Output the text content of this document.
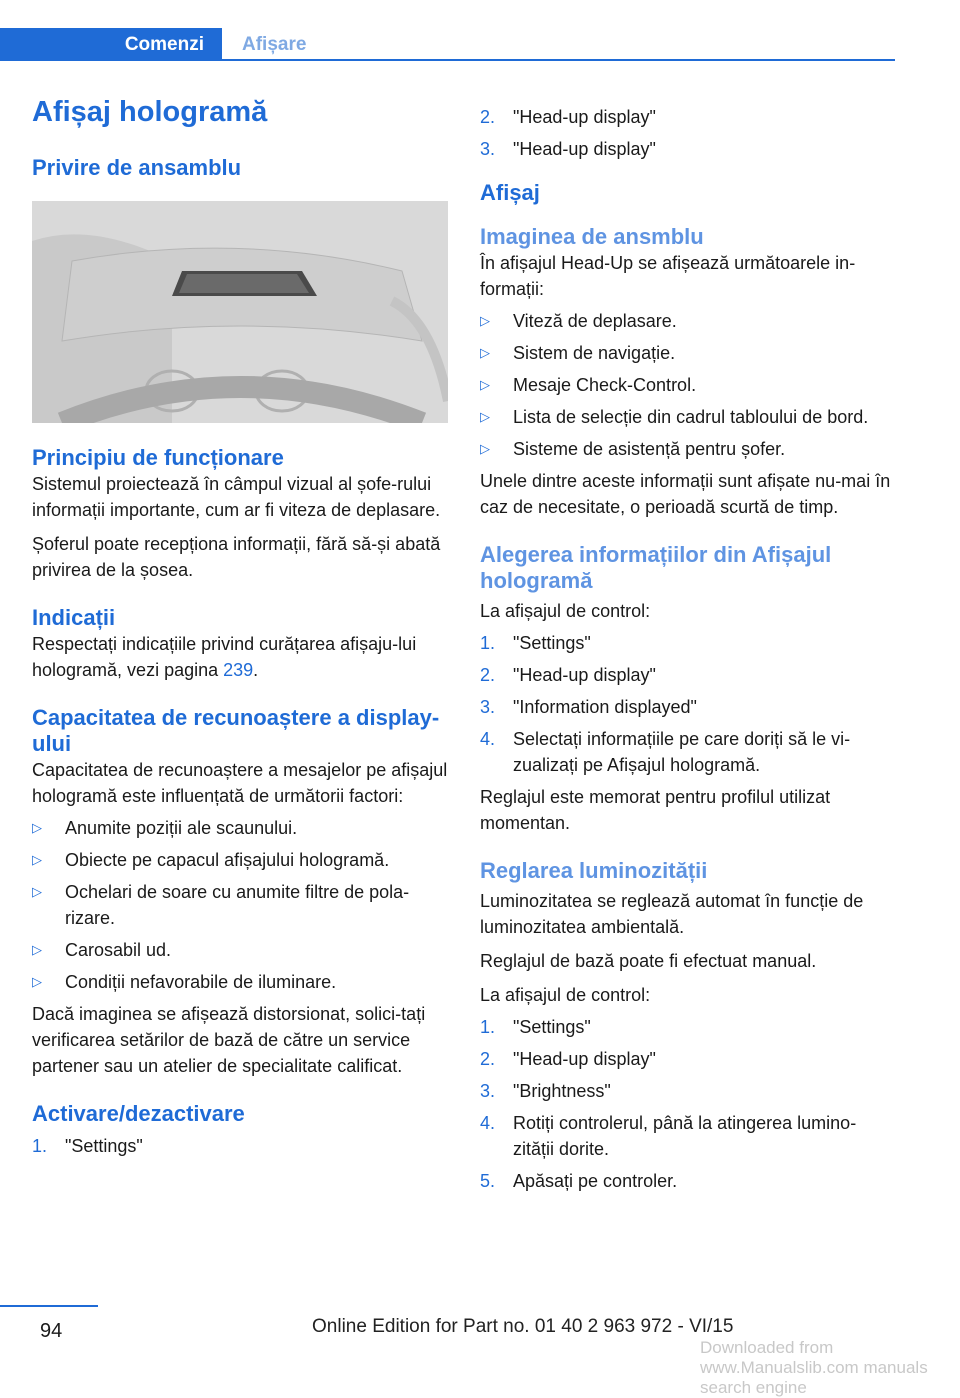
Comenzi	Afișare
Afișaj hologramă
Privire de ansamblu
Principiu de funcționare

Sistemul proiectează în câmpul vizual al șofe-rului informații importante, cum ar fi viteza de deplasare.

Șoferul poate recepționa informații, fără să-și abată privirea de la șosea.

Indicații

Respectați indicațiile privind curățarea afișaju-lui hologramă, vezi pagina 239.

Capacitatea de recunoaștere a display-ului

Capacitatea de recunoaștere a mesajelor pe afișajul hologramă este influențată de următorii factori:

▷ Anumite poziții ale scaunului.
▷ Obiecte pe capacul afișajului hologramă.
▷ Ochelari de soare cu anumite filtre de pola-rizare.
▷ Carosabil ud.
▷ Condiții nefavorabile de iluminare.

Dacă imaginea se afișează distorsionat, solici-tați verificarea setărilor de bază de către un service partener sau un atelier de specialitate calificat.

Activare/dezactivare
1. "Settings"
2. "Head-up display"
3. "Head-up display"
Afișaj
Imaginea de ansmblu

În afișajul Head-Up se afișează următoarele in-formații:

▷ Viteză de deplasare.
▷ Sistem de navigație.
▷ Mesaje Check-Control.
▷ Lista de selecție din cadrul tabloului de bord.
▷ Sisteme de asistență pentru șofer.

Unele dintre aceste informații sunt afișate nu-mai în caz de necesitate, o perioadă scurtă de timp.

Alegerea informațiilor din Afișajul hologramă

La afișajul de control:

1. "Settings"
2. "Head-up display"
3. "Information displayed"
4. Selectați informațiile pe care doriți să le vi-zualizați pe Afișajul hologramă.

Reglajul este memorat pentru profilul utilizat momentan.

Reglarea luminozității

Luminozitatea se reglează automat în funcție de luminozitatea ambientală.

Reglajul de bază poate fi efectuat manual.

La afișajul de control:

1. "Settings"
2. "Head-up display"
3. "Brightness"
4. Rotiți controlerul, până la atingerea lumino-zității dorite.
5. Apăsați pe controler.
94	Online Edition for Part no. 01 40 2 963 972 - VI/15
Downloaded from www.Manualslib.com manuals search engine
